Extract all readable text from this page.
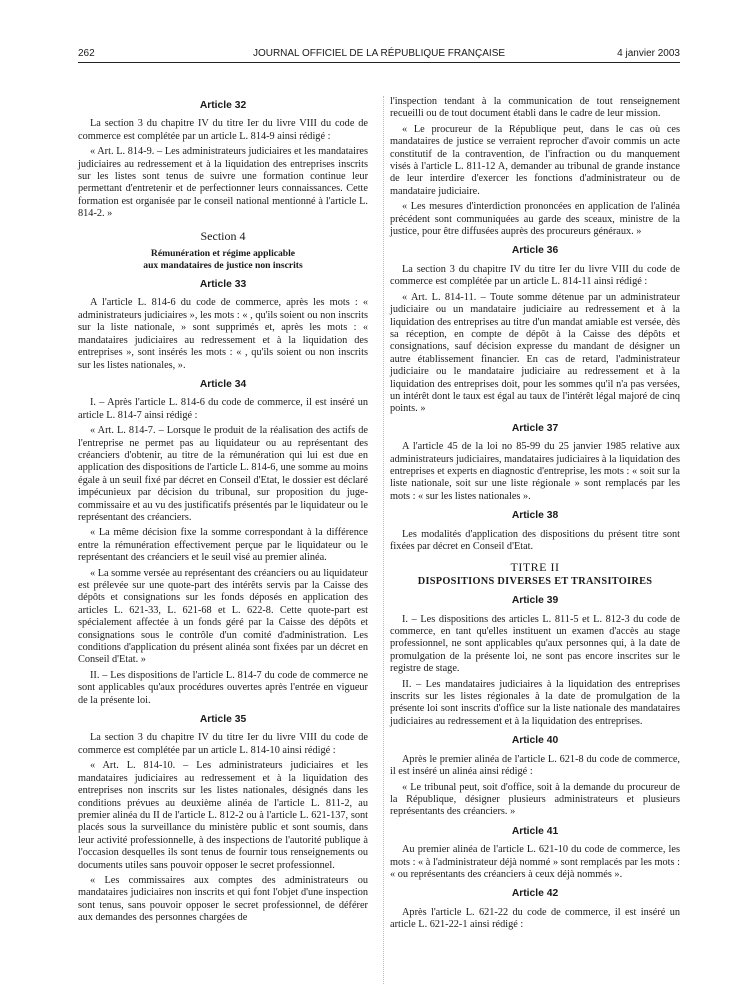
262	JOURNAL OFFICIEL DE LA RÉPUBLIQUE FRANÇAISE	4 janvier 2003
Article 32

La section 3 du chapitre IV du titre Ier du livre VIII du code de commerce est complétée par un article L. 814-9 ainsi rédigé :

« Art. L. 814-9. – Les administrateurs judiciaires et les mandataires judiciaires au redressement et à la liquidation des entreprises inscrits sur les listes sont tenus de suivre une formation continue leur permettant d'entretenir et de perfectionner leurs connaissances. Cette formation est organisée par le conseil national mentionné à l'article L. 814-2. »

Section 4
Rémunération et régime applicable
aux mandataires de justice non inscrits
Article 33

A l'article L. 814-6 du code de commerce, après les mots : « administrateurs judiciaires », les mots : « , qu'ils soient ou non inscrits sur la liste nationale, » sont supprimés et, après les mots : « mandataires judiciaires au redressement et à la liquidation des entreprises », sont insérés les mots : « , qu'ils soient ou non inscrits sur les listes nationales, ».

Article 34

I. – Après l'article L. 814-6 du code de commerce, il est inséré un article L. 814-7 ainsi rédigé :

« Art. L. 814-7. – Lorsque le produit de la réalisation des actifs de l'entreprise ne permet pas au liquidateur ou au représentant des créanciers d'obtenir, au titre de la rémunération qui lui est due en application des dispositions de l'article L. 814-6, une somme au moins égale à un seuil fixé par décret en Conseil d'Etat, le dossier est déclaré impécunieux par décision du tribunal, sur proposition du juge-commissaire et au vu des justificatifs présentés par le liquidateur ou le représentant des créanciers.

« La même décision fixe la somme correspondant à la différence entre la rémunération effectivement perçue par le liquidateur ou le représentant des créanciers et le seuil visé au premier alinéa.

« La somme versée au représentant des créanciers ou au liquidateur est prélevée sur une quote-part des intérêts servis par la Caisse des dépôts et consignations sur les fonds déposés en application des articles L. 621-33, L. 621-68 et L. 622-8. Cette quote-part est spécialement affectée à un fonds géré par la Caisse des dépôts et consignations sous le contrôle d'un comité d'administration. Les conditions d'application du présent alinéa sont fixées par un décret en Conseil d'Etat. »

II. – Les dispositions de l'article L. 814-7 du code de commerce ne sont applicables qu'aux procédures ouvertes après l'entrée en vigueur de la présente loi.

Article 35

La section 3 du chapitre IV du titre Ier du livre VIII du code de commerce est complétée par un article L. 814-10 ainsi rédigé :

« Art. L. 814-10. – Les administrateurs judiciaires et les mandataires judiciaires au redressement et à la liquidation des entreprises non inscrits sur les listes nationales, désignés dans les conditions prévues au deuxième alinéa de l'article L. 811-2, au premier alinéa du II de l'article L. 812-2 ou à l'article L. 621-137, sont placés sous la surveillance du ministère public et sont soumis, dans leur activité professionnelle, à des inspections de l'autorité publique à l'occasion desquelles ils sont tenus de fournir tous renseignements ou documents utiles sans pouvoir opposer le secret professionnel.

« Les commissaires aux comptes des administrateurs ou mandataires judiciaires non inscrits et qui font l'objet d'une inspection sont tenus, sans pouvoir opposer le secret professionnel, de déférer aux demandes des personnes chargées de

l'inspection tendant à la communication de tout renseignement recueilli ou de tout document établi dans le cadre de leur mission.

« Le procureur de la République peut, dans le cas où ces mandataires de justice se verraient reprocher d'avoir commis un acte constitutif de la contravention, de l'infraction ou du manquement visés à l'article L. 811-12 A, demander au tribunal de grande instance de leur interdire d'exercer les fonctions d'administrateur ou de mandataire judiciaire.

« Les mesures d'interdiction prononcées en application de l'alinéa précédent sont communiquées au garde des sceaux, ministre de la justice, pour être diffusées auprès des procureurs généraux. »

Article 36

La section 3 du chapitre IV du titre Ier du livre VIII du code de commerce est complétée par un article L. 814-11 ainsi rédigé :

« Art. L. 814-11. – Toute somme détenue par un administrateur judiciaire ou un mandataire judiciaire au redressement et à la liquidation des entreprises au titre d'un mandat amiable est versée, dès sa réception, en compte de dépôt à la Caisse des dépôts et consignations, sauf décision expresse du mandant de désigner un autre établissement financier. En cas de retard, l'administrateur judiciaire ou le mandataire judiciaire au redressement et à la liquidation des entreprises doit, pour les sommes qu'il n'a pas versées, un intérêt dont le taux est égal au taux de l'intérêt légal majoré de cinq points. »

Article 37

A l'article 45 de la loi no 85-99 du 25 janvier 1985 relative aux administrateurs judiciaires, mandataires judiciaires à la liquidation des entreprises et experts en diagnostic d'entreprise, les mots : « soit sur la liste nationale, soit sur une liste régionale » sont remplacés par les mots : « sur les listes nationales ».

Article 38

Les modalités d'application des dispositions du présent titre sont fixées par décret en Conseil d'Etat.

TITRE II
DISPOSITIONS DIVERSES ET TRANSITOIRES
Article 39

I. – Les dispositions des articles L. 811-5 et L. 812-3 du code de commerce, en tant qu'elles instituent un examen d'accès au stage professionnel, ne sont applicables qu'aux personnes qui, à la date de promulgation de la présente loi, ne sont pas encore inscrites sur le registre de stage.

II. – Les mandataires judiciaires à la liquidation des entreprises inscrits sur les listes régionales à la date de promulgation de la présente loi sont inscrits d'office sur la liste nationale des mandataires judiciaires au redressement et à la liquidation des entreprises.

Article 40

Après le premier alinéa de l'article L. 621-8 du code de commerce, il est inséré un alinéa ainsi rédigé :

« Le tribunal peut, soit d'office, soit à la demande du procureur de la République, désigner plusieurs administrateurs et plusieurs représentants des créanciers. »

Article 41

Au premier alinéa de l'article L. 621-10 du code de commerce, les mots : « à l'administrateur déjà nommé » sont remplacés par les mots : « ou représentants des créanciers à ceux déjà nommés ».

Article 42

Après l'article L. 621-22 du code de commerce, il est inséré un article L. 621-22-1 ainsi rédigé :
